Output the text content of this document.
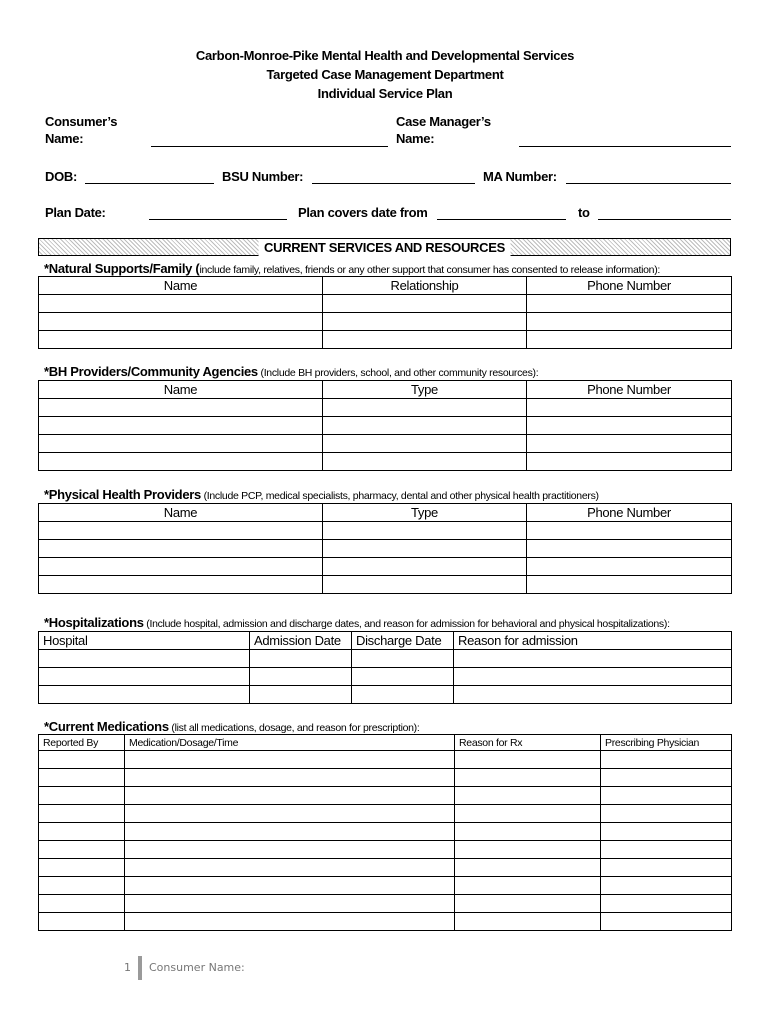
Carbon-Monroe-Pike Mental Health and Developmental Services
Targeted Case Management Department
Individual Service Plan
Consumer’s
Name:
Case Manager’s
Name:
DOB:	BSU Number:	MA Number:
Plan Date:	Plan covers date from	to
CURRENT SERVICES AND RESOURCES
*Natural Supports/Family (include family, relatives, friends or any other support that consumer has consented to release information):
Name	Relationship	Phone Number

*BH Providers/Community Agencies (Include BH providers, school, and other community resources):
Name	Type	Phone Number

*Physical Health Providers (Include PCP, medical specialists, pharmacy, dental and other physical health practitioners)
Name	Type	Phone Number

*Hospitalizations (Include hospital, admission and discharge dates, and reason for admission for behavioral and physical hospitalizations):
Hospital	Admission Date	Discharge Date	Reason for admission

*Current Medications (list all medications, dosage, and reason for prescription):
Reported By	Medication/Dosage/Time	Reason for Rx	Prescribing Physician

1 Consumer Name:
